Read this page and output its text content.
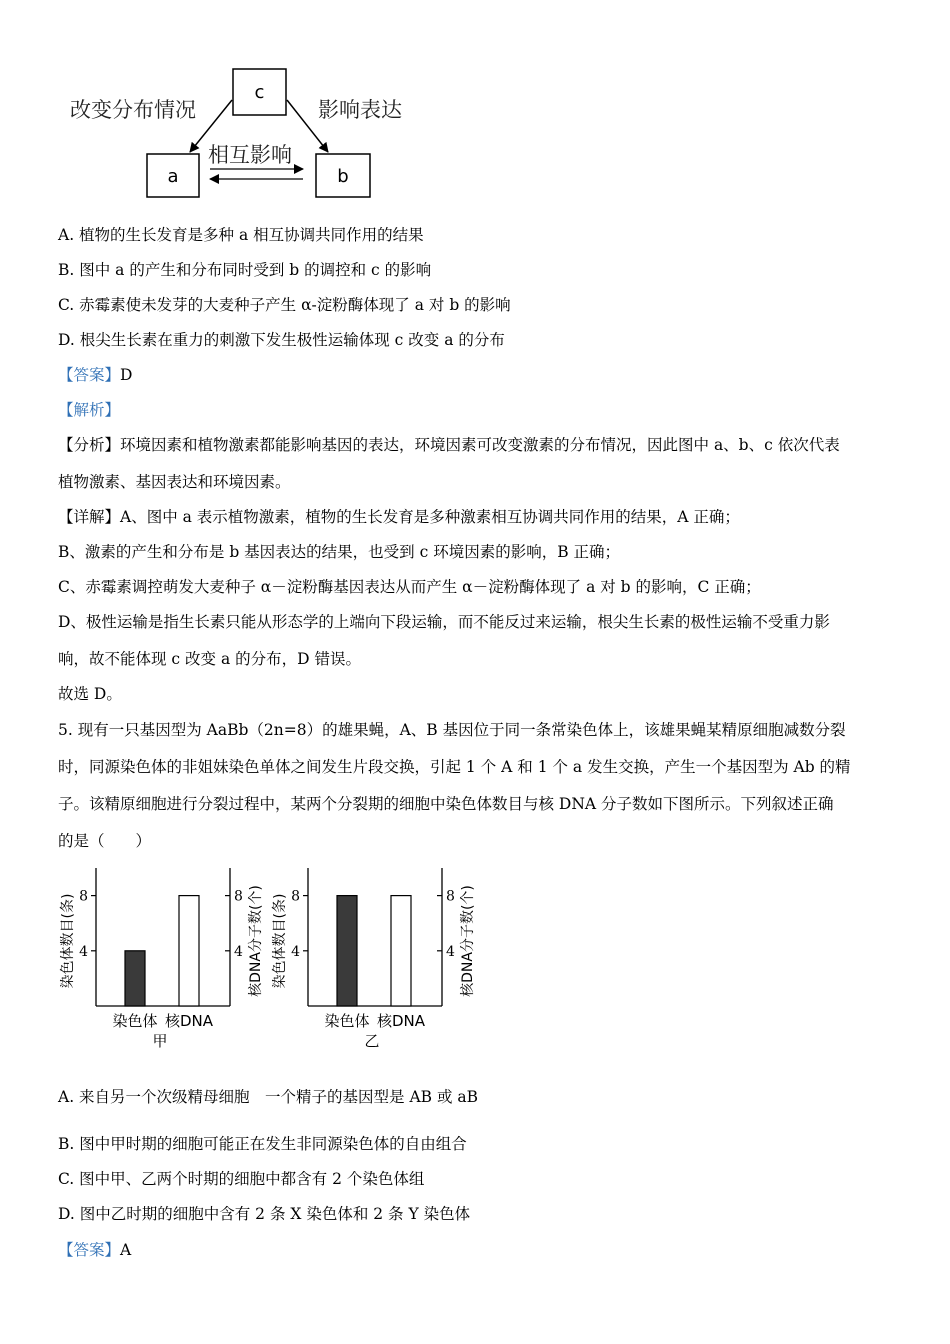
c
a	b
改变分布情况	影响表达
相互影响
A. 植物的生长发育是多种 a 相互协调共同作用的结果
B. 图中 a 的产生和分布同时受到 b 的调控和 c 的影响
C. 赤霉素使未发芽的大麦种子产生 α-淀粉酶体现了 a 对 b 的影响
D. 根尖生长素在重力的刺激下发生极性运输体现 c 改变 a 的分布
【答案】D
【解析】
【分析】环境因素和植物激素都能影响基因的表达，环境因素可改变激素的分布情况，因此图中 a、b、c 依次代表
植物激素、基因表达和环境因素。
【详解】A、图中 a 表示植物激素，植物的生长发育是多种激素相互协调共同作用的结果，A 正确；
B、激素的产生和分布是 b 基因表达的结果，也受到 c 环境因素的影响，B 正确；
C、赤霉素调控萌发大麦种子 α－淀粉酶基因表达从而产生 α－淀粉酶体现了 a 对 b 的影响，C 正确；
D、极性运输是指生长素只能从形态学的上端向下段运输，而不能反过来运输，根尖生长素的极性运输不受重力影
响，故不能体现 c 改变 a 的分布，D 错误。
故选 D。
5. 现有一只基因型为 AaBb（2n=8）的雄果蝇，A、B 基因位于同一条常染色体上，该雄果蝇某精原细胞减数分裂
时，同源染色体的非姐妹染色单体之间发生片段交换，引起 1 个 A 和 1 个 a 发生交换，产生一个基因型为 Ab 的精
子。该精原细胞进行分裂过程中，某两个分裂期的细胞中染色体数目与核 DNA 分子数如下图所示。下列叙述正确
的是（　　）
4	4
8	8
染色体 核DNA
甲
染色体数目(条)	核DNA分子数(个) 4	4
8	8
染色体 核DNA
乙
染色体数目(条)	核DNA分子数(个)
A. 来自另一个次级精母细胞　一个精子的基因型是 AB 或 aB
B. 图中甲时期的细胞可能正在发生非同源染色体的自由组合
C. 图中甲、乙两个时期的细胞中都含有 2 个染色体组
D. 图中乙时期的细胞中含有 2 条 X 染色体和 2 条 Y 染色体
【答案】A
